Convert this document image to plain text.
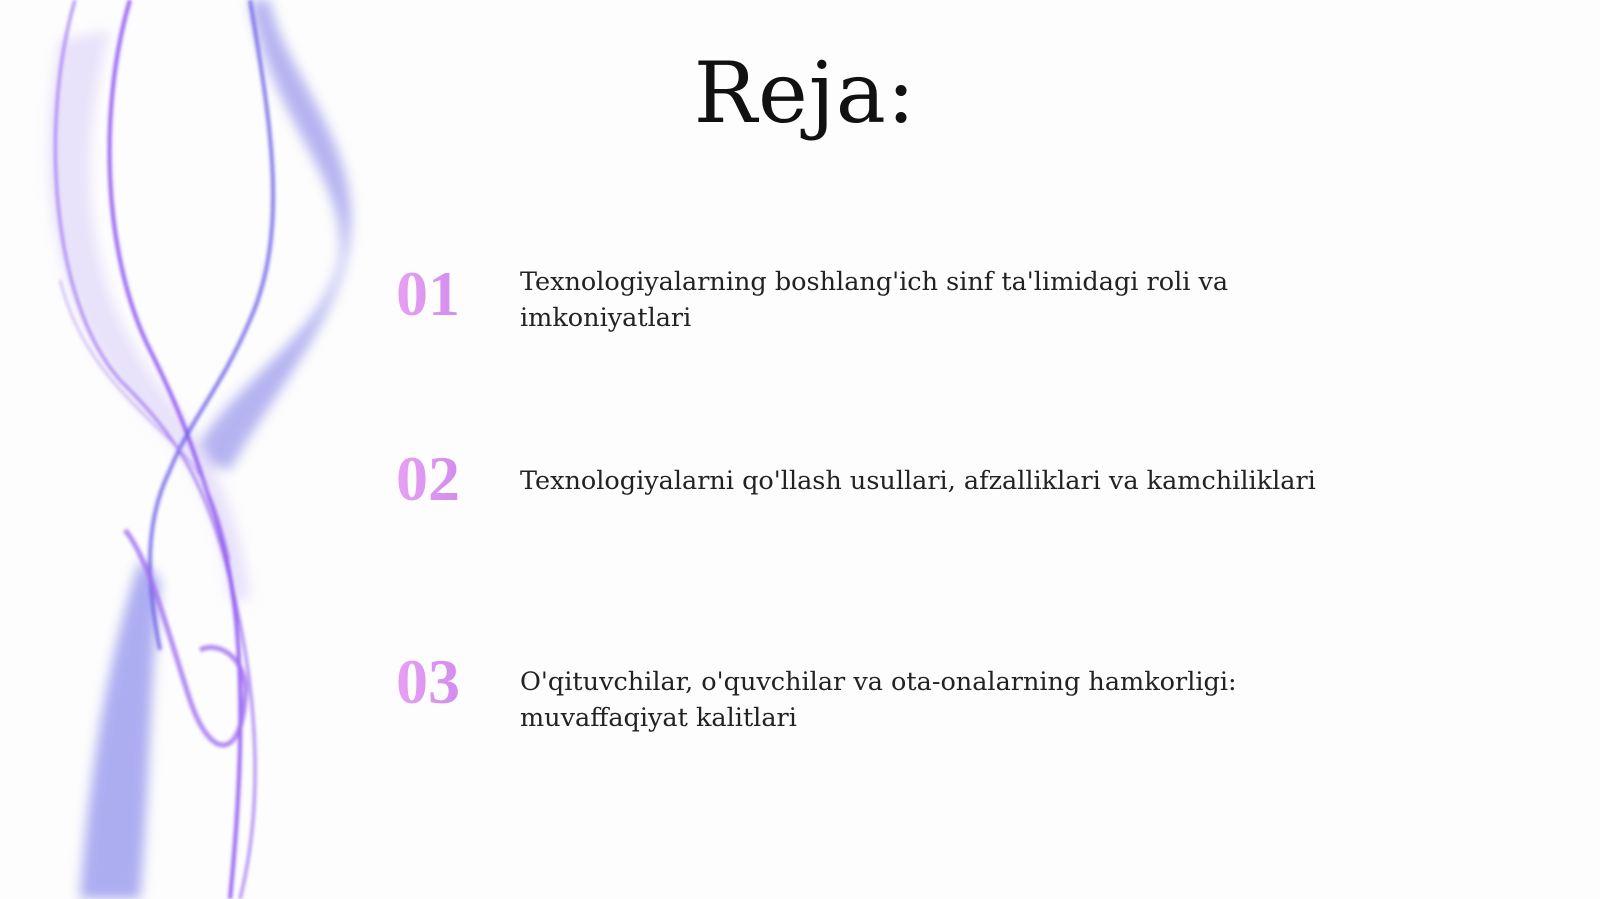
Reja:
01	Texnologiyalarning boshlang'ich sinf ta'limidagi roli va imkoniyatlari
02	Texnologiyalarni qo'llash usullari, afzalliklari va kamchiliklari
03	O'qituvchilar, o'quvchilar va ota-onalarning hamkorligi: muvaffaqiyat kalitlari
